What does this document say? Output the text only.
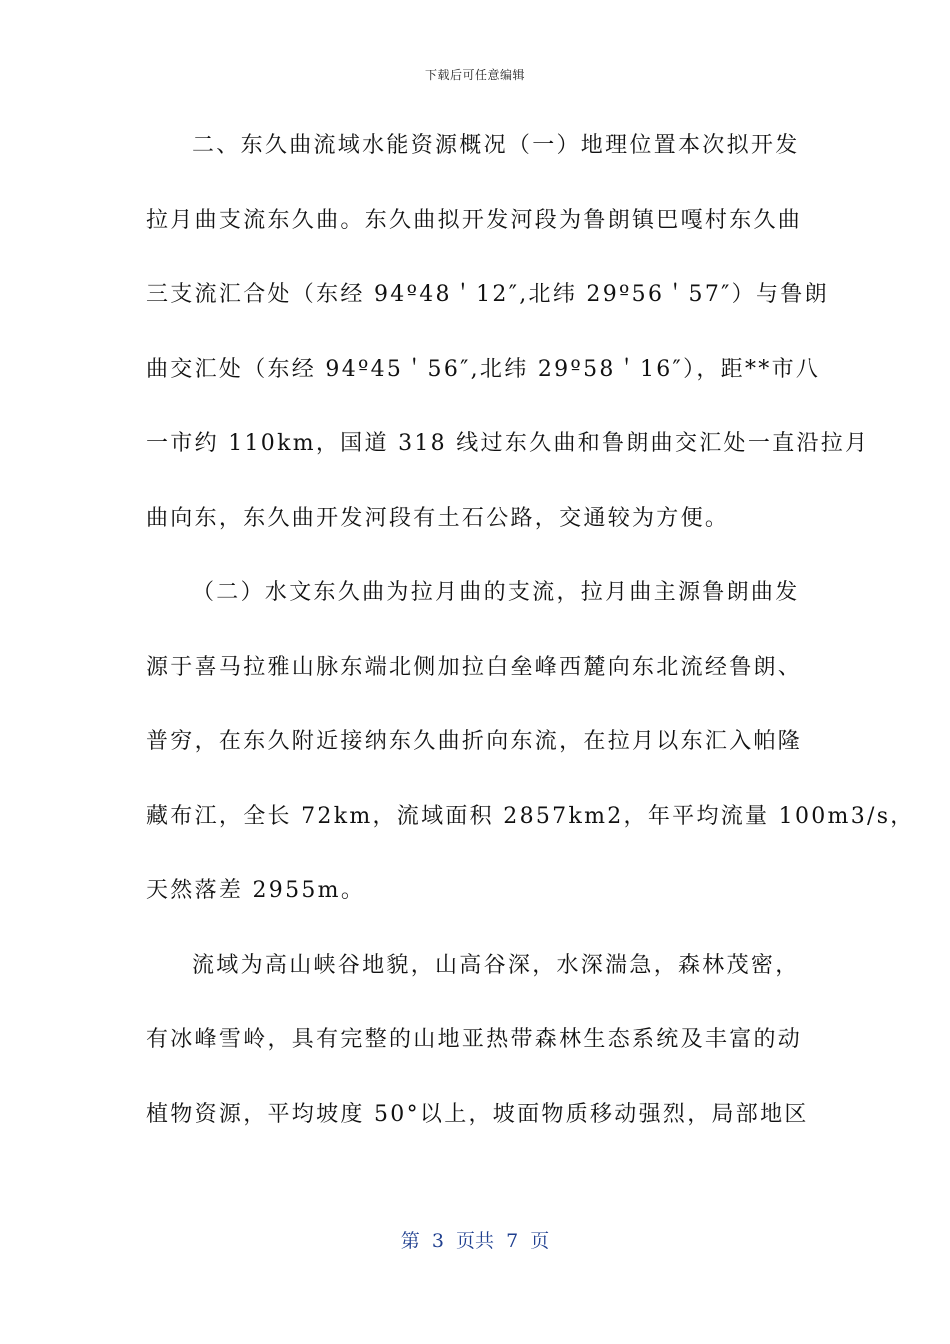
下载后可任意编辑
二、东久曲流域水能资源概况（一）地理位置本次拟开发
拉月曲支流东久曲。东久曲拟开发河段为鲁朗镇巴嘎村东久曲
三支流汇合处（东经 94º48＇12″,北纬 29º56＇57″）与鲁朗
曲交汇处（东经 94º45＇56″,北纬 29º58＇16″），距**市八
一市约 110km，国道 318 线过东久曲和鲁朗曲交汇处一直沿拉月
曲向东，东久曲开发河段有土石公路，交通较为方便。
（二）水文东久曲为拉月曲的支流，拉月曲主源鲁朗曲发
源于喜马拉雅山脉东端北侧加拉白垒峰西麓向东北流经鲁朗、
普穷，在东久附近接纳东久曲折向东流，在拉月以东汇入帕隆
藏布江，全长 72km，流域面积 2857km2，年平均流量 100m3/s，
天然落差 2955m。
流域为高山峡谷地貌，山高谷深，水深湍急，森林茂密，
有冰峰雪岭，具有完整的山地亚热带森林生态系统及丰富的动
植物资源，平均坡度 50°以上，坡面物质移动强烈，局部地区
第  3  页共  7  页
